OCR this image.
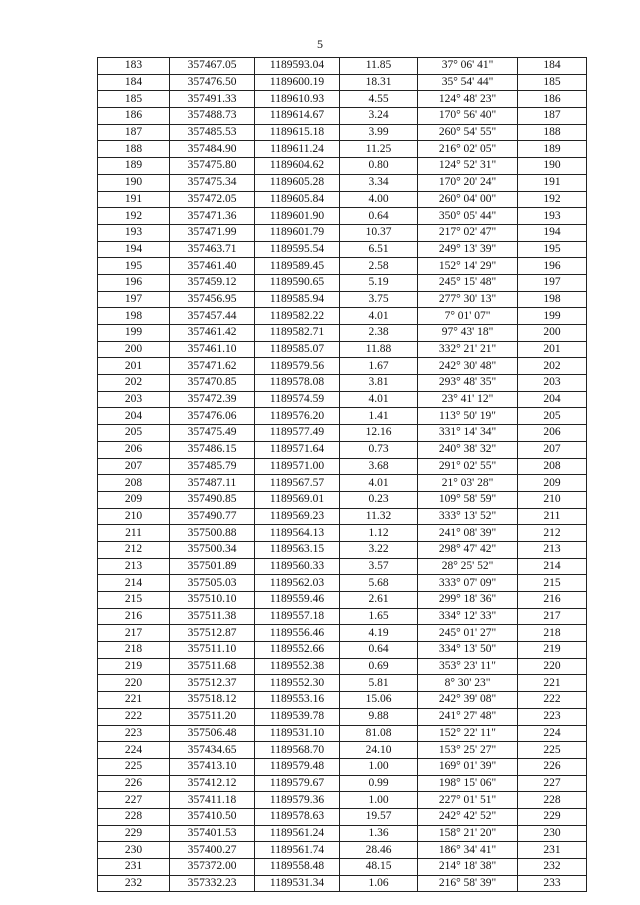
5
183	357467.05	1189593.04	11.85	37° 06' 41"	184
184	357476.50	1189600.19	18.31	35° 54' 44"	185
185	357491.33	1189610.93	4.55	124° 48' 23"	186
186	357488.73	1189614.67	3.24	170° 56' 40"	187
187	357485.53	1189615.18	3.99	260° 54' 55"	188
188	357484.90	1189611.24	11.25	216° 02' 05"	189
189	357475.80	1189604.62	0.80	124° 52' 31"	190
190	357475.34	1189605.28	3.34	170° 20' 24"	191
191	357472.05	1189605.84	4.00	260° 04' 00"	192
192	357471.36	1189601.90	0.64	350° 05' 44"	193
193	357471.99	1189601.79	10.37	217° 02' 47"	194
194	357463.71	1189595.54	6.51	249° 13' 39"	195
195	357461.40	1189589.45	2.58	152° 14' 29"	196
196	357459.12	1189590.65	5.19	245° 15' 48"	197
197	357456.95	1189585.94	3.75	277° 30' 13"	198
198	357457.44	1189582.22	4.01	7° 01' 07"	199
199	357461.42	1189582.71	2.38	97° 43' 18"	200
200	357461.10	1189585.07	11.88	332° 21' 21"	201
201	357471.62	1189579.56	1.67	242° 30' 48"	202
202	357470.85	1189578.08	3.81	293° 48' 35"	203
203	357472.39	1189574.59	4.01	23° 41' 12"	204
204	357476.06	1189576.20	1.41	113° 50' 19"	205
205	357475.49	1189577.49	12.16	331° 14' 34"	206
206	357486.15	1189571.64	0.73	240° 38' 32"	207
207	357485.79	1189571.00	3.68	291° 02' 55"	208
208	357487.11	1189567.57	4.01	21° 03' 28"	209
209	357490.85	1189569.01	0.23	109° 58' 59"	210
210	357490.77	1189569.23	11.32	333° 13' 52"	211
211	357500.88	1189564.13	1.12	241° 08' 39"	212
212	357500.34	1189563.15	3.22	298° 47' 42"	213
213	357501.89	1189560.33	3.57	28° 25' 52"	214
214	357505.03	1189562.03	5.68	333° 07' 09"	215
215	357510.10	1189559.46	2.61	299° 18' 36"	216
216	357511.38	1189557.18	1.65	334° 12' 33"	217
217	357512.87	1189556.46	4.19	245° 01' 27"	218
218	357511.10	1189552.66	0.64	334° 13' 50"	219
219	357511.68	1189552.38	0.69	353° 23' 11"	220
220	357512.37	1189552.30	5.81	8° 30' 23"	221
221	357518.12	1189553.16	15.06	242° 39' 08"	222
222	357511.20	1189539.78	9.88	241° 27' 48"	223
223	357506.48	1189531.10	81.08	152° 22' 11"	224
224	357434.65	1189568.70	24.10	153° 25' 27"	225
225	357413.10	1189579.48	1.00	169° 01' 39"	226
226	357412.12	1189579.67	0.99	198° 15' 06"	227
227	357411.18	1189579.36	1.00	227° 01' 51"	228
228	357410.50	1189578.63	19.57	242° 42' 52"	229
229	357401.53	1189561.24	1.36	158° 21' 20"	230
230	357400.27	1189561.74	28.46	186° 34' 41"	231
231	357372.00	1189558.48	48.15	214° 18' 38"	232
232	357332.23	1189531.34	1.06	216° 58' 39"	233
